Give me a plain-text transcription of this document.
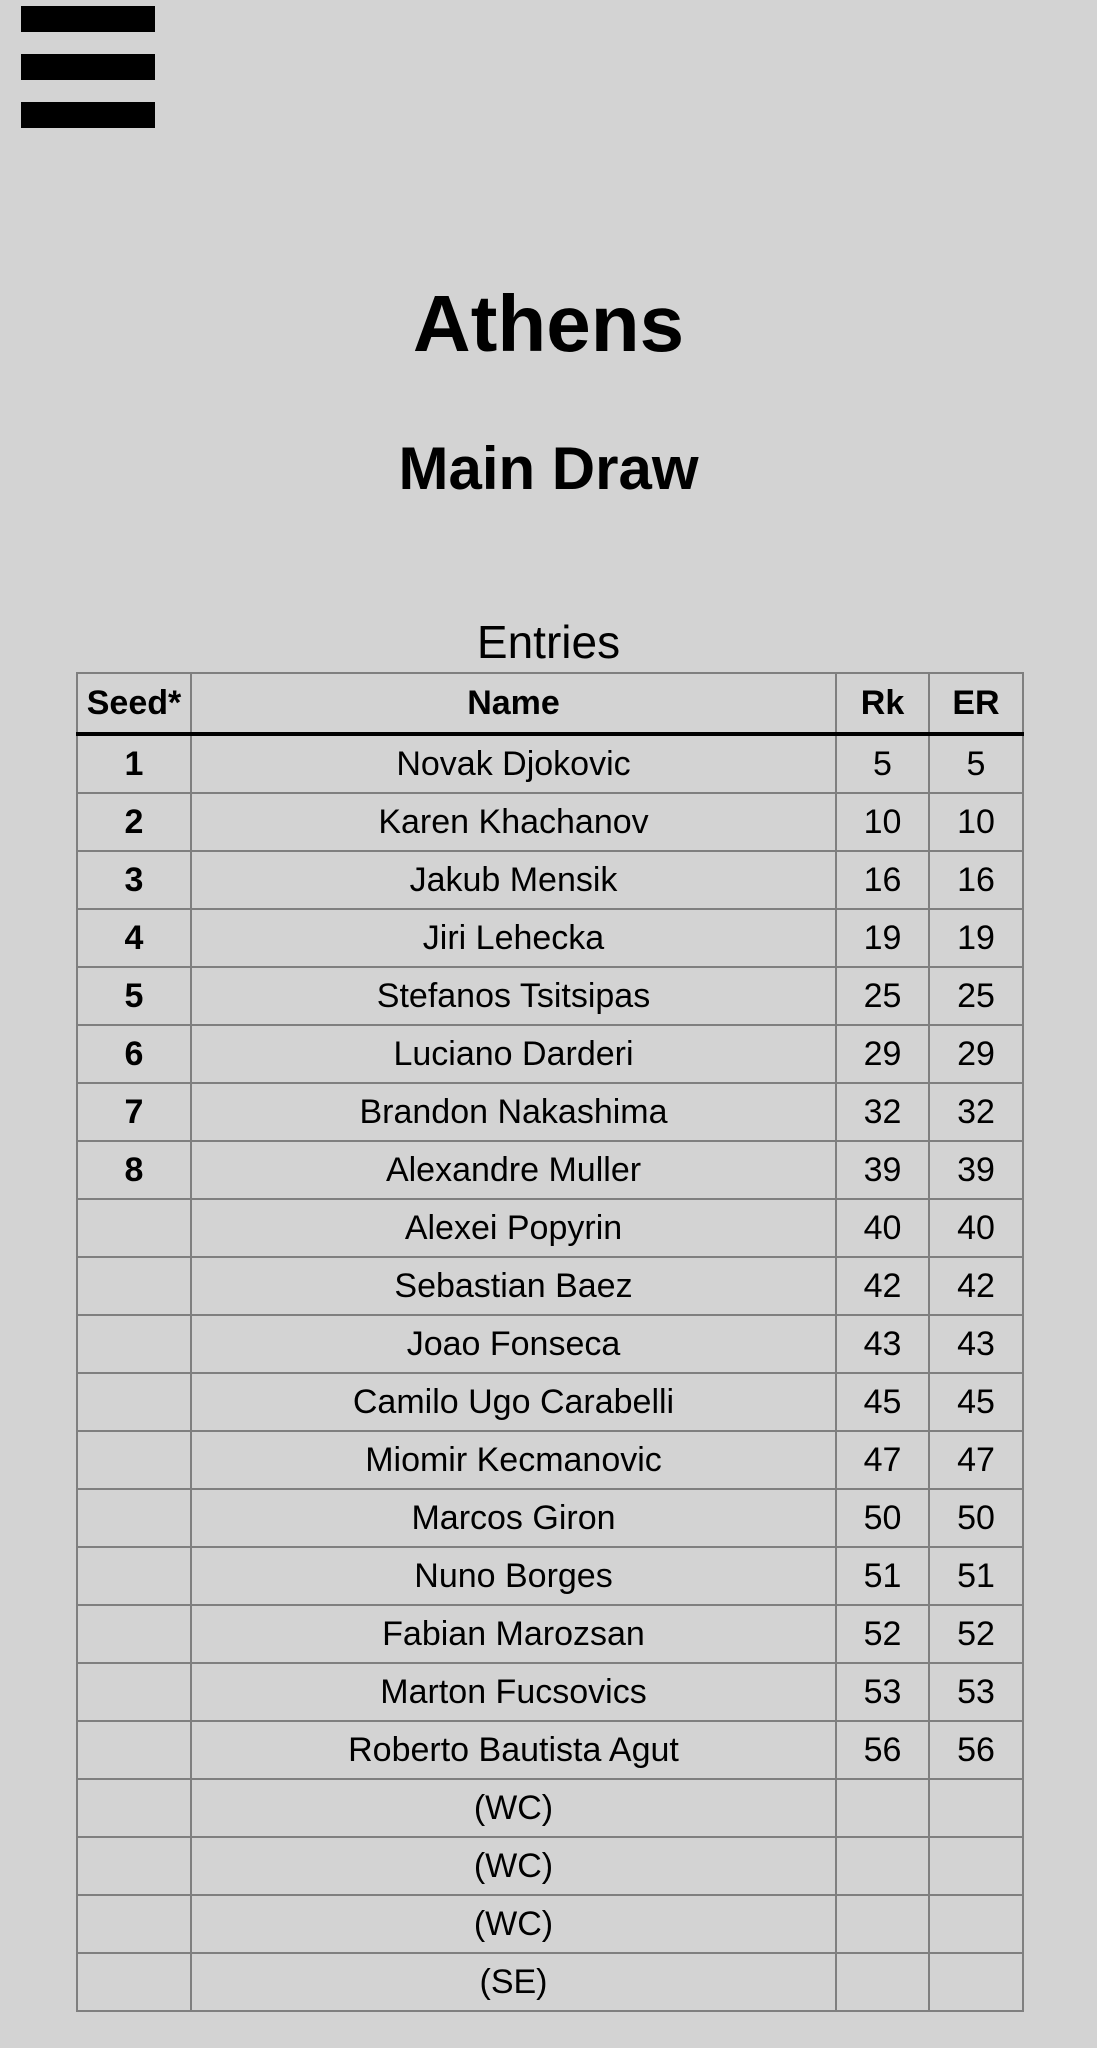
Athens
Main Draw
Entries
Seed*	Name	Rk	ER
1	Novak Djokovic	5	5
2	Karen Khachanov	10	10
3	Jakub Mensik	16	16
4	Jiri Lehecka	19	19
5	Stefanos Tsitsipas	25	25
6	Luciano Darderi	29	29
7	Brandon Nakashima	32	32
8	Alexandre Muller	39	39
	Alexei Popyrin	40	40
	Sebastian Baez	42	42
	Joao Fonseca	43	43
	Camilo Ugo Carabelli	45	45
	Miomir Kecmanovic	47	47
	Marcos Giron	50	50
	Nuno Borges	51	51
	Fabian Marozsan	52	52
	Marton Fucsovics	53	53
	Roberto Bautista Agut	56	56
	(WC)		
	(WC)		
	(WC)		
	(SE)		
